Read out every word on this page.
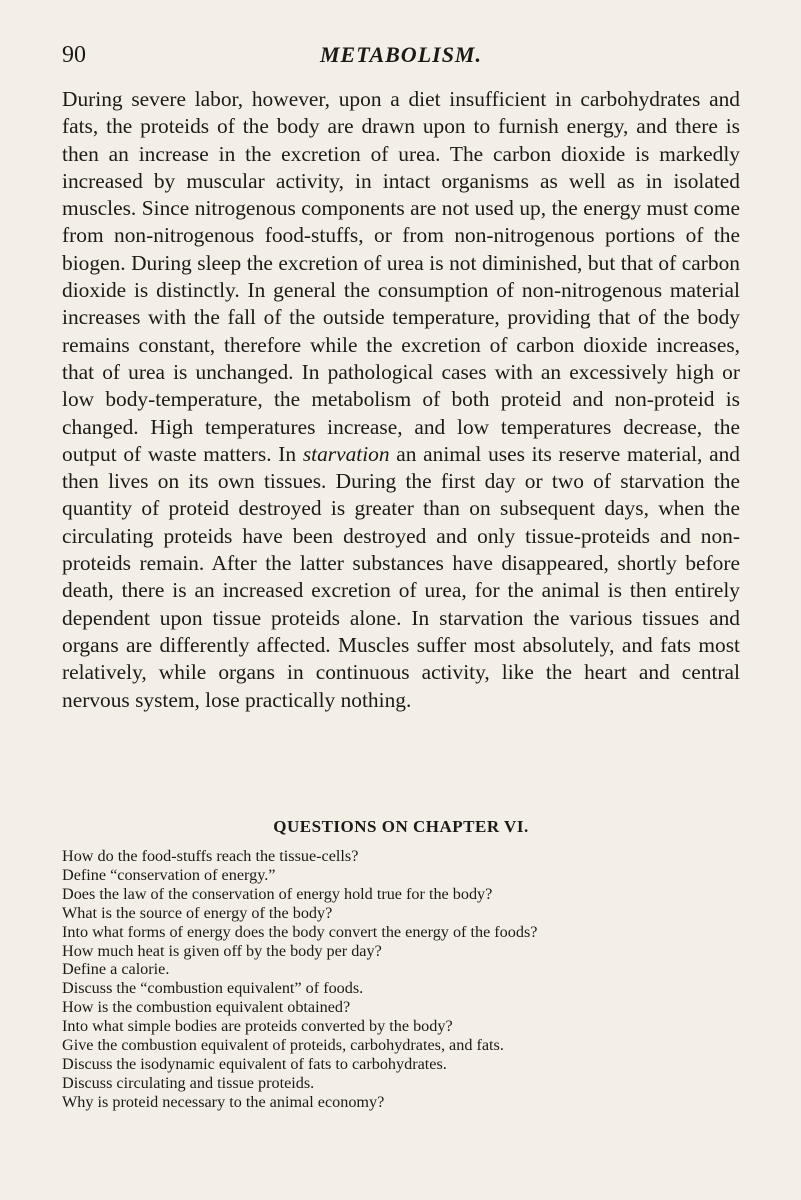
90	METABOLISM.

During severe labor, however, upon a diet insufficient in carbohydrates and fats, the proteids of the body are drawn upon to furnish energy, and there is then an increase in the excretion of urea. The carbon dioxide is markedly increased by muscular activity, in intact organisms as well as in isolated muscles. Since nitrogenous components are not used up, the energy must come from non-nitrogenous food-stuffs, or from non-nitrogenous portions of the biogen. During sleep the excretion of urea is not diminished, but that of carbon dioxide is distinctly. In general the consumption of non-nitrogenous material increases with the fall of the outside temperature, providing that of the body remains constant, therefore while the excretion of carbon dioxide increases, that of urea is unchanged. In pathological cases with an excessively high or low body-temperature, the metabolism of both proteid and non-proteid is changed. High temperatures increase, and low temperatures decrease, the output of waste matters. In starvation an animal uses its reserve material, and then lives on its own tissues. During the first day or two of starvation the quantity of proteid destroyed is greater than on subsequent days, when the circulating proteids have been destroyed and only tissue-proteids and non-proteids remain. After the latter substances have disappeared, shortly before death, there is an increased excretion of urea, for the animal is then entirely dependent upon tissue proteids alone. In starvation the various tissues and organs are differently affected. Muscles suffer most absolutely, and fats most relatively, while organs in continuous activity, like the heart and central nervous system, lose practically nothing.

QUESTIONS ON CHAPTER VI.
How do the food-stuffs reach the tissue-cells?
Define “conservation of energy.”
Does the law of the conservation of energy hold true for the body?
What is the source of energy of the body?
Into what forms of energy does the body convert the energy of the foods?
How much heat is given off by the body per day?
Define a calorie.
Discuss the “combustion equivalent” of foods.
How is the combustion equivalent obtained?
Into what simple bodies are proteids converted by the body?
Give the combustion equivalent of proteids, carbohydrates, and fats.
Discuss the isodynamic equivalent of fats to carbohydrates.
Discuss circulating and tissue proteids.
Why is proteid necessary to the animal economy?
